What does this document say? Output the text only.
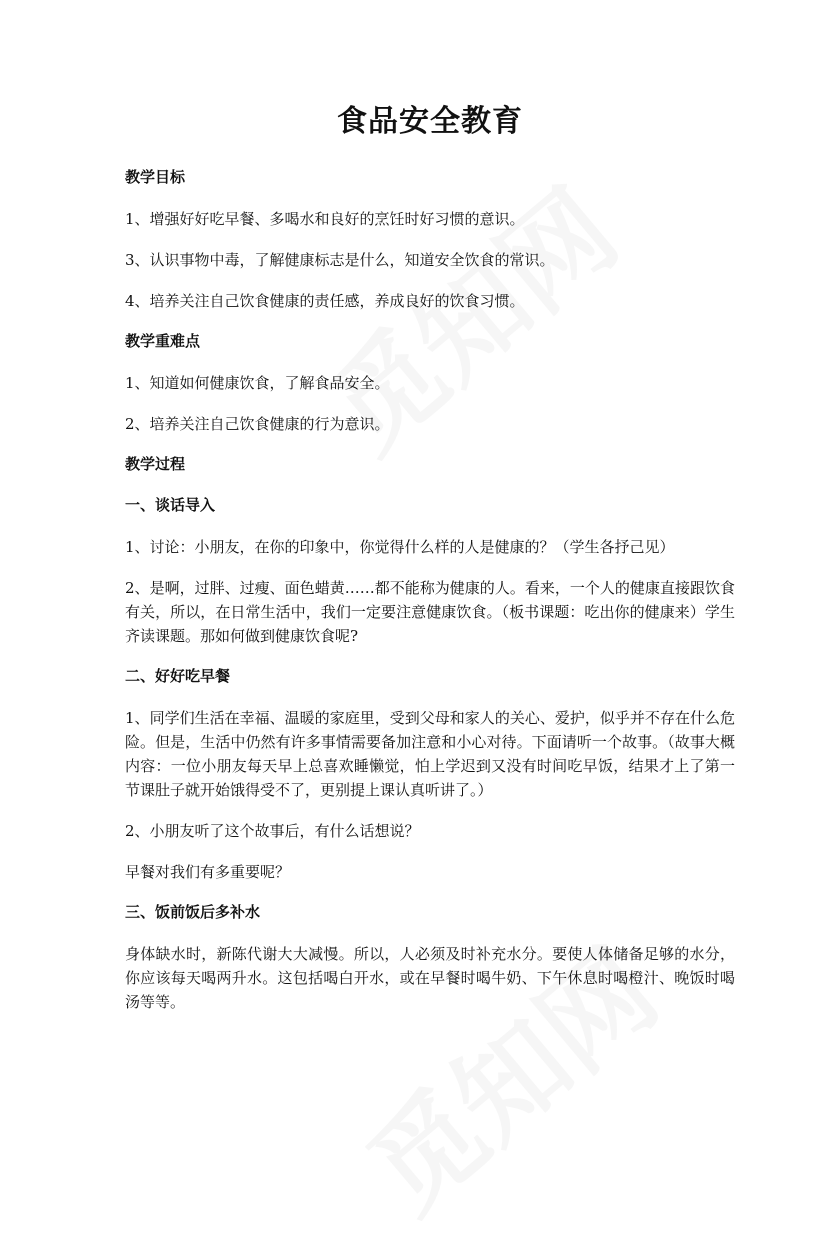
食品安全教育
教学目标
1、增强好好吃早餐、多喝水和良好的烹饪时好习惯的意识。
3、认识事物中毒，了解健康标志是什么，知道安全饮食的常识。
4、培养关注自己饮食健康的责任感，养成良好的饮食习惯。
教学重难点
1、知道如何健康饮食，了解食品安全。
2、培养关注自己饮食健康的行为意识。
教学过程
一、谈话导入
1、讨论：小朋友，在你的印象中，你觉得什么样的人是健康的？（学生各抒己见）
2、是啊，过胖、过瘦、面色蜡黄……都不能称为健康的人。看来，一个人的健康直接跟饮食有关，所以，在日常生活中，我们一定要注意健康饮食。（板书课题：吃出你的健康来）学生齐读课题。那如何做到健康饮食呢?
二、好好吃早餐
1、同学们生活在幸福、温暖的家庭里，受到父母和家人的关心、爱护，似乎并不存在什么危险。但是，生活中仍然有许多事情需要备加注意和小心对待。下面请听一个故事。（故事大概内容：一位小朋友每天早上总喜欢睡懒觉，怕上学迟到又没有时间吃早饭，结果才上了第一节课肚子就开始饿得受不了，更别提上课认真听讲了。）
2、小朋友听了这个故事后，有什么话想说？
早餐对我们有多重要呢？
三、饭前饭后多补水
身体缺水时，新陈代谢大大减慢。所以，人必须及时补充水分。要使人体储备足够的水分，你应该每天喝两升水。这包括喝白开水，或在早餐时喝牛奶、下午休息时喝橙汁、晚饭时喝汤等等。
